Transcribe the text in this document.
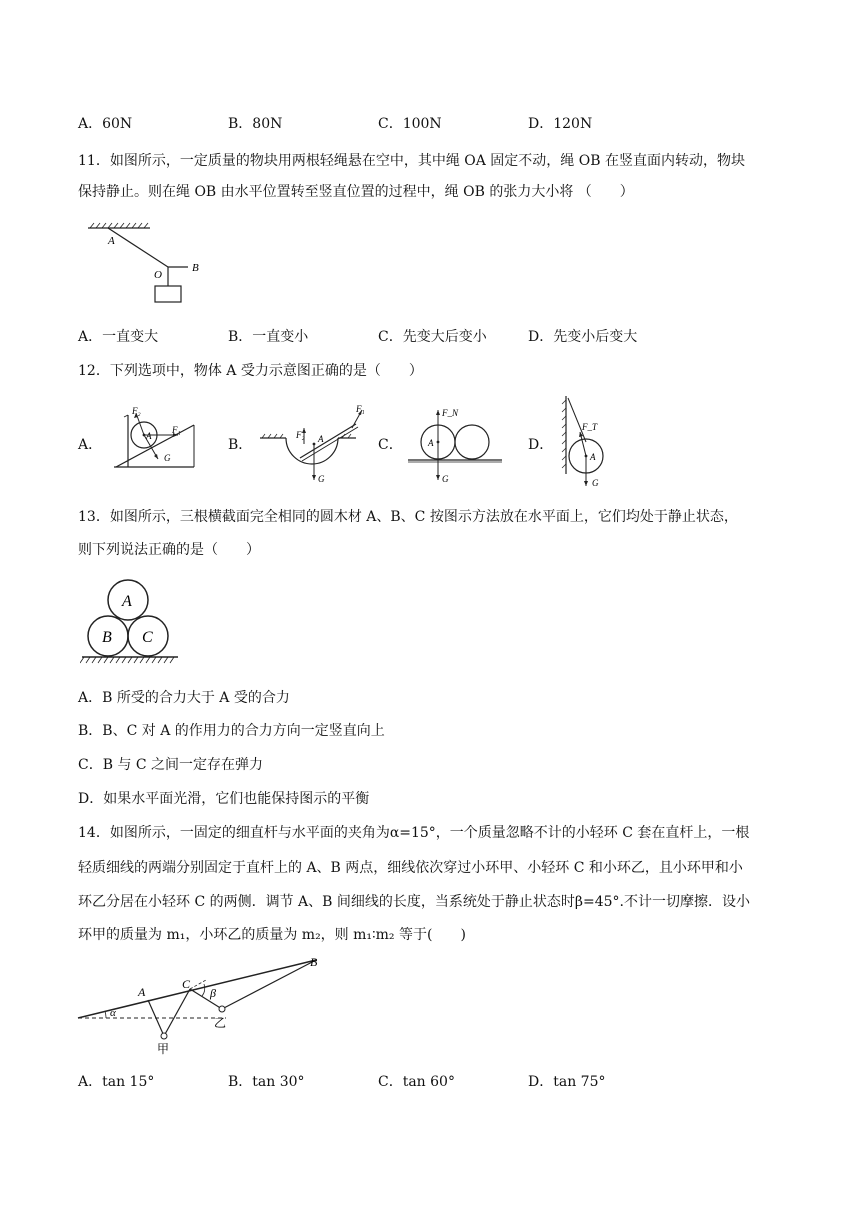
A．60N	B．80N	C．100N	D．120N
11．如图所示，一定质量的物块用两根轻绳悬在空中，其中绳 OA 固定不动，绳 OB 在竖直面内转动，物块
保持静止。则在绳 OB 由水平位置转至竖直位置的过程中，绳 OB 的张力大小将 （　　）
A
O
B
A．一直变大	B．一直变小	C．先变大后变小	D．先变小后变大
12．下列选项中，物体 A 受力示意图正确的是（　　）
A．
F₂
F₁
A
G
B．
F₂
F₁
A
G
C．
F_N
A
G
D．
F_T
A
G
13．如图所示，三根横截面完全相同的圆木材 A、B、C 按图示方法放在水平面上，它们均处于静止状态，
则下列说法正确的是（　　）
A
B C
A．B 所受的合力大于 A 受的合力
B．B、C 对 A 的作用力的合力方向一定竖直向上
C．B 与 C 之间一定存在弹力
D．如果水平面光滑，它们也能保持图示的平衡
14．如图所示，一固定的细直杆与水平面的夹角为α=15°，一个质量忽略不计的小轻环 C 套在直杆上，一根
轻质细线的两端分别固定于直杆上的 A、B 两点，细线依次穿过小环甲、小轻环 C 和小环乙，且小环甲和小
环乙分居在小轻环 C 的两侧．调节 A、B 间细线的长度，当系统处于静止状态时β=45°.不计一切摩擦．设小
环甲的质量为 m₁，小环乙的质量为 m₂，则 m₁∶m₂ 等于(　　)
A
C
B
β
α
甲
乙
A．tan 15°	B．tan 30°	C．tan 60°	D．tan 75°
